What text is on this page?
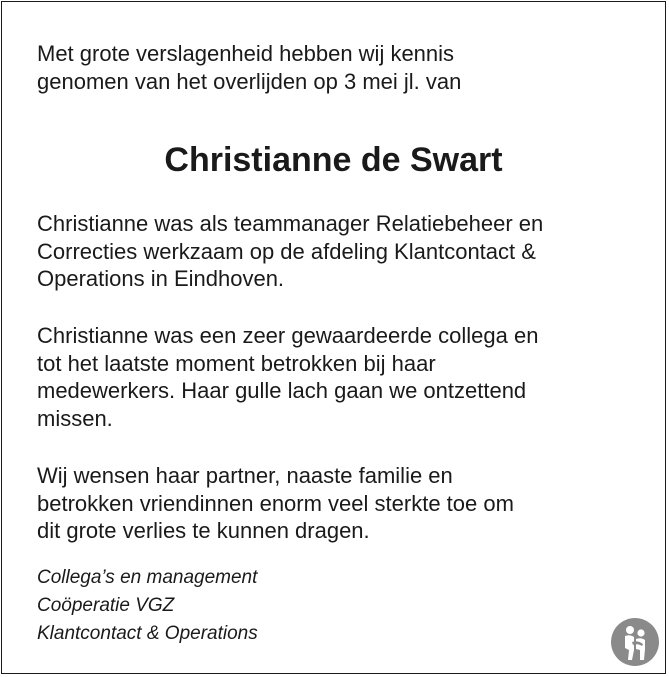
Met grote verslagenheid hebben wij kennis
genomen van het overlijden op 3 mei jl. van

Christianne de Swart

Christianne was als teammanager Relatiebeheer en
Correcties werkzaam op de afdeling Klantcontact &
Operations in Eindhoven.

Christianne was een zeer gewaardeerde collega en
tot het laatste moment betrokken bij haar
medewerkers. Haar gulle lach gaan we ontzettend
missen.

Wij wensen haar partner, naaste familie en
betrokken vriendinnen enorm veel sterkte toe om
dit grote verlies te kunnen dragen.

Collega’s en management
Coöperatie VGZ
Klantcontact & Operations
